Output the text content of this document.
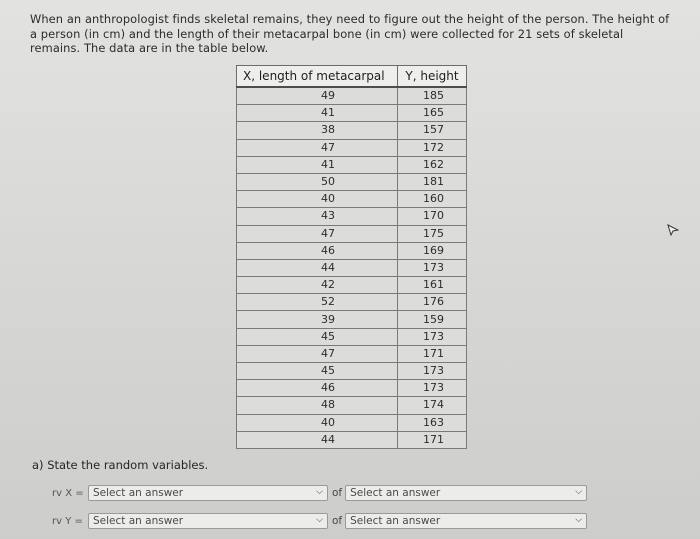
When an anthropologist finds skeletal remains, they need to figure out the height of the person. The height of a person (in cm) and the length of their metacarpal bone (in cm) were collected for 21 sets of skeletal remains. The data are in the table below.
X, length of metacarpal	Y, height
49	185
41	165
38	157
47	172
41	162
50	181
40	160
43	170
47	175
46	169
44	173
42	161
52	176
39	159
45	173
47	171
45	173
46	173
48	174
40	163
44	171
a) State the random variables.
rv X = Select an answer	⌵ of Select an answer	⌵
rv Y = Select an answer	⌵ of Select an answer	⌵
